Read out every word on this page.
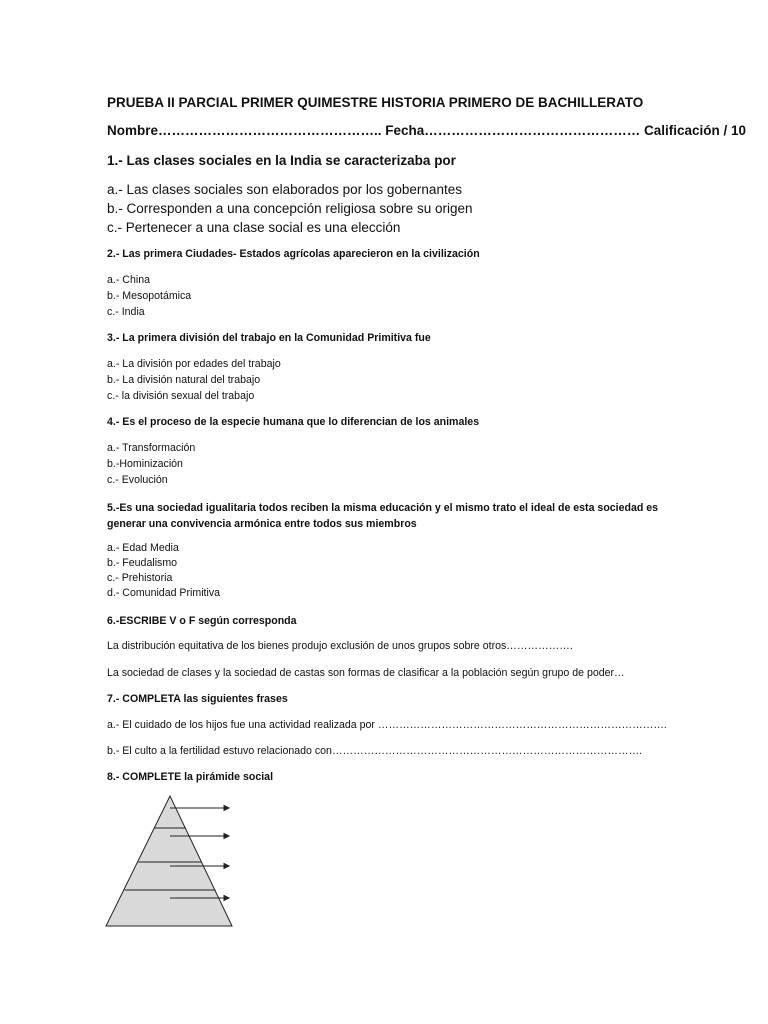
PRUEBA II PARCIAL PRIMER QUIMESTRE HISTORIA PRIMERO DE BACHILLERATO
Nombre………………………………………….. Fecha………………………………………… Calificación / 10
1.- Las clases sociales en la India se caracterizaba por
a.- Las clases sociales son elaborados por los gobernantes
b.- Corresponden a una concepción religiosa sobre su origen
c.- Pertenecer a una clase social es una elección
2.- Las primera Ciudades- Estados agrícolas aparecieron en la civilización
a.- China
b.- Mesopotámica
c.- India
3.- La primera división del trabajo en la Comunidad Primitiva fue
a.- La división por edades del trabajo
b.- La división natural del trabajo
c.- la división sexual del trabajo
4.- Es el proceso de la especie humana que lo diferencian de los animales
a.- Transformación
b.-Hominización
c.- Evolución
5.-Es una sociedad igualitaria todos reciben la misma educación y el mismo trato el ideal de esta sociedad es generar una convivencia armónica entre todos sus miembros
a.- Edad Media
b.- Feudalismo
c.- Prehistoria
d.- Comunidad Primitiva
6.-ESCRIBE V o F según corresponda
La distribución equitativa de los bienes produjo exclusión de unos grupos sobre otros……………….
La sociedad de clases y la sociedad de castas son formas de clasificar a la población según grupo de poder…
7.- COMPLETA las siguientes frases
a.- El cuidado de los hijos fue una actividad realizada por ……………………………………………………………………….
b.- El culto a la fertilidad estuvo relacionado con…………………………………………………………………………….
8.- COMPLETE la pirámide social
